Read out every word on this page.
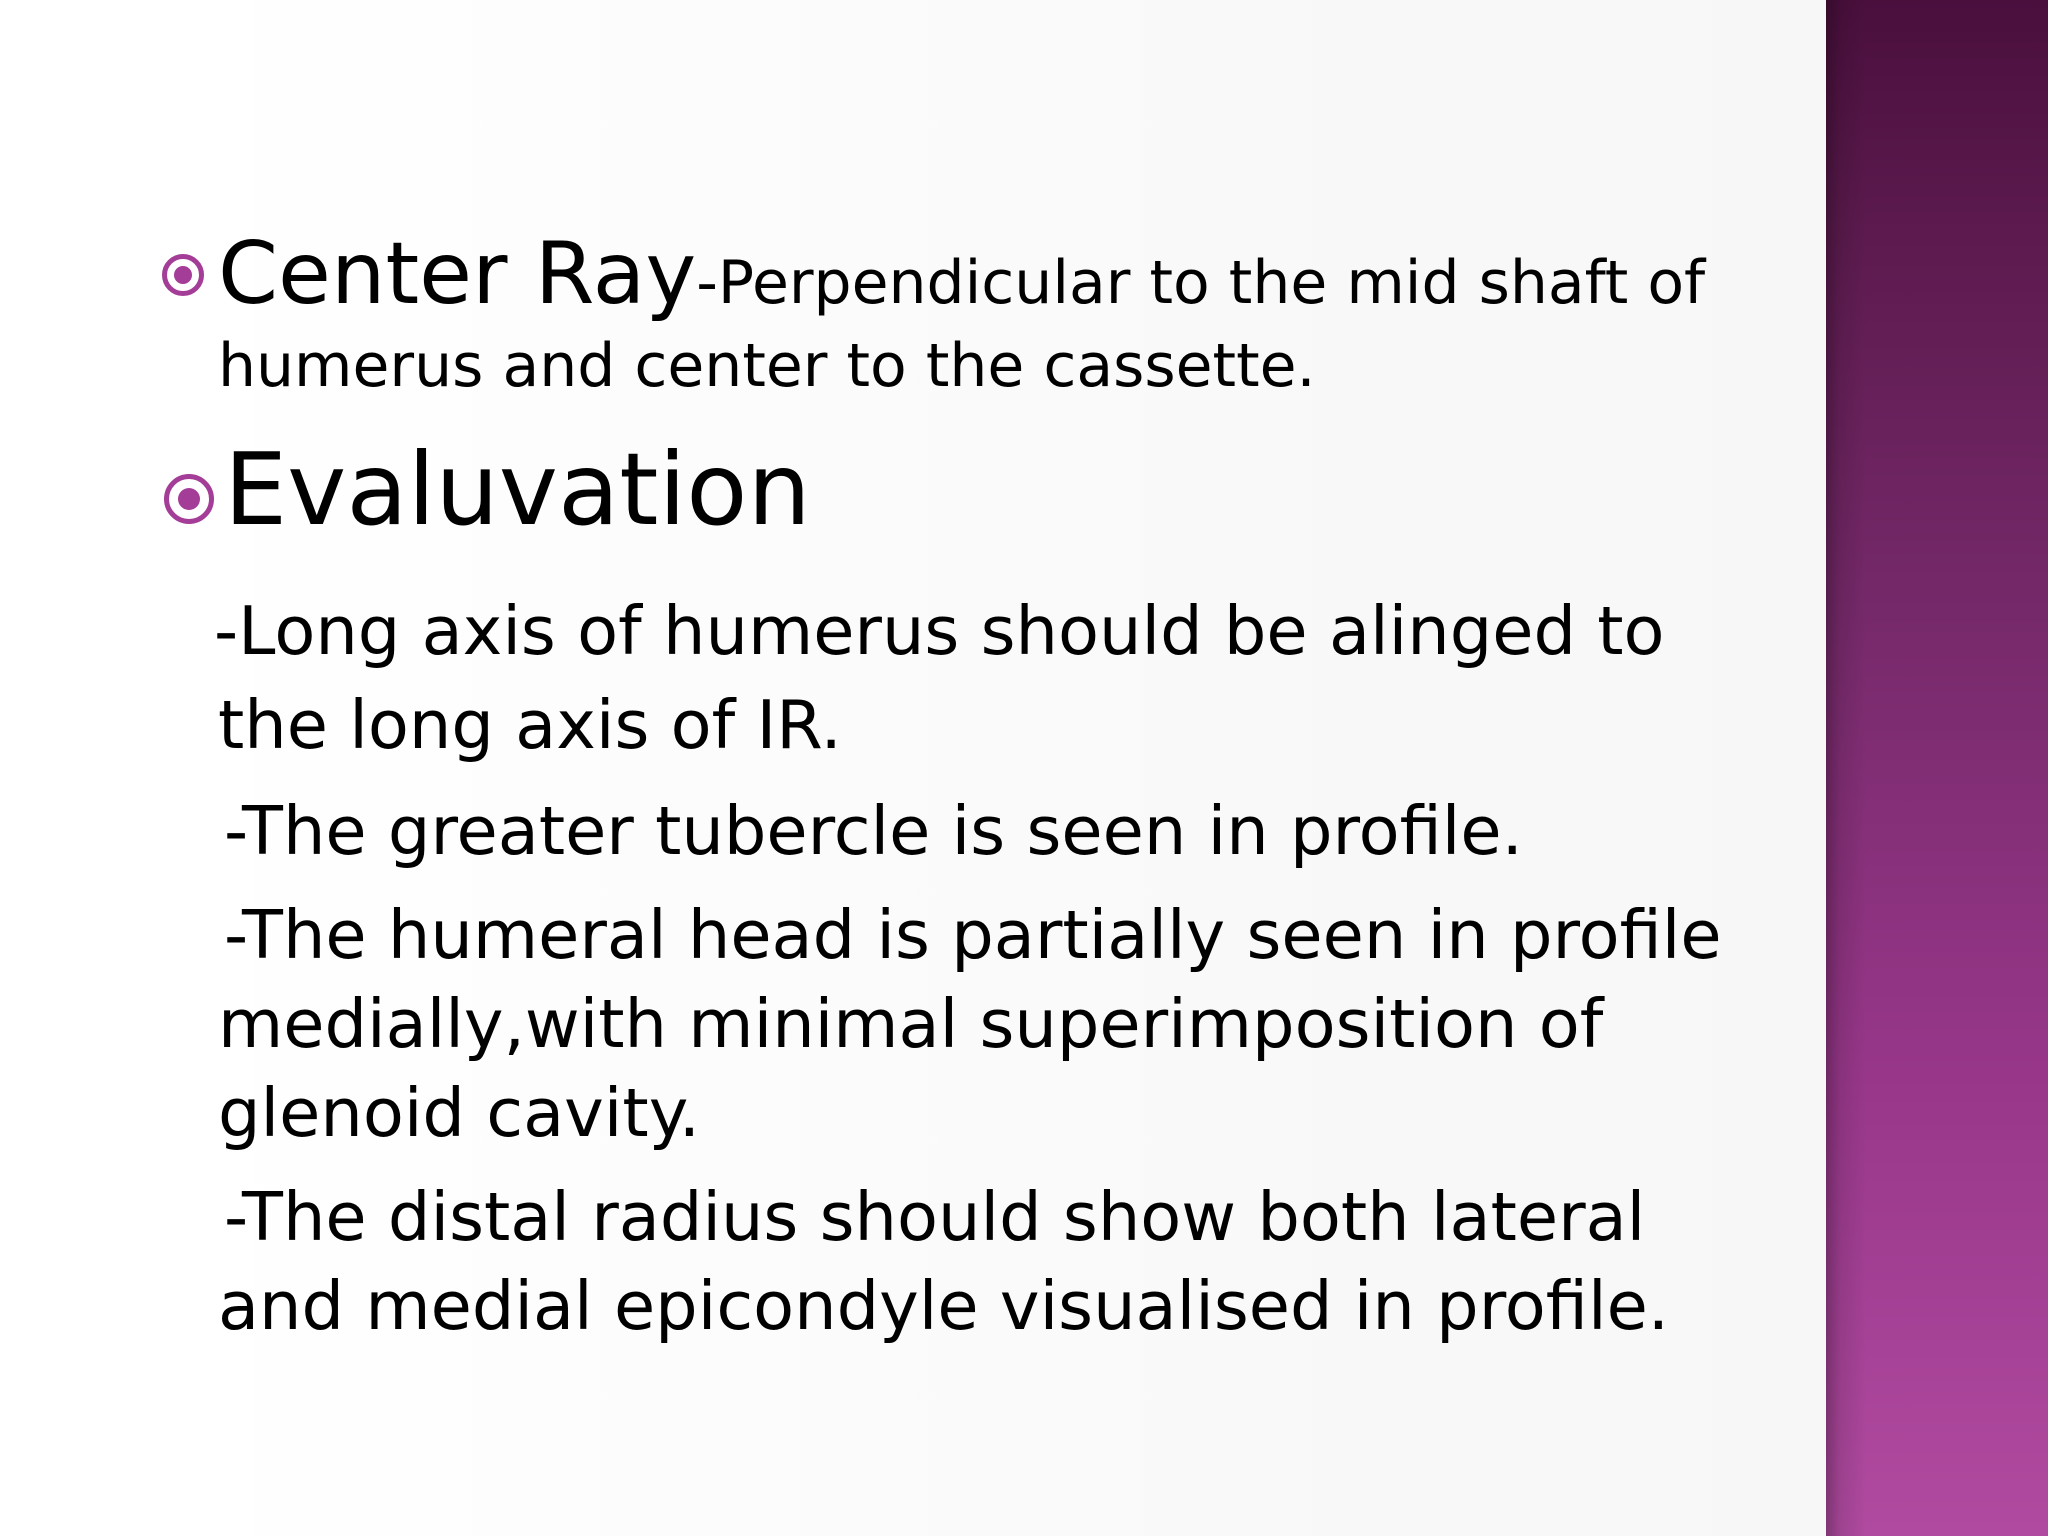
Center Ray-Perpendicular to the mid shaft of
humerus and center to the cassette.
Evaluvation
-Long axis of humerus should be alinged to
the long axis of IR.
-The greater tubercle is seen in profile.
-The humeral head is partially seen in profile
medially,with minimal superimposition of
glenoid cavity.
-The distal radius should show both lateral
and medial epicondyle visualised in profile.
